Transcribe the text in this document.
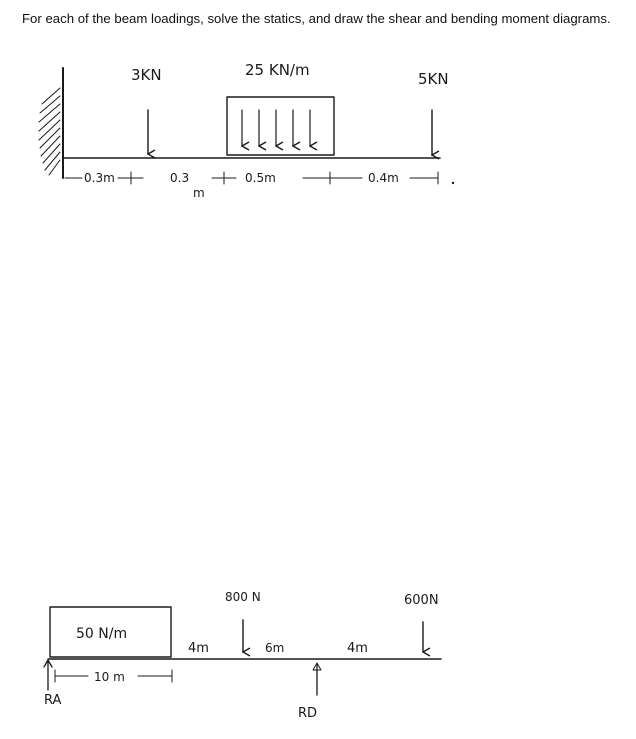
For each of the beam loadings, solve the statics, and draw the shear and bending moment diagrams.
3KN	25 KN/m	5KN
0.3m	0.3
m
0.5m	0.4m
50 N/m
RA
10 m
4m
800 N
6m	4m
600N
RD
